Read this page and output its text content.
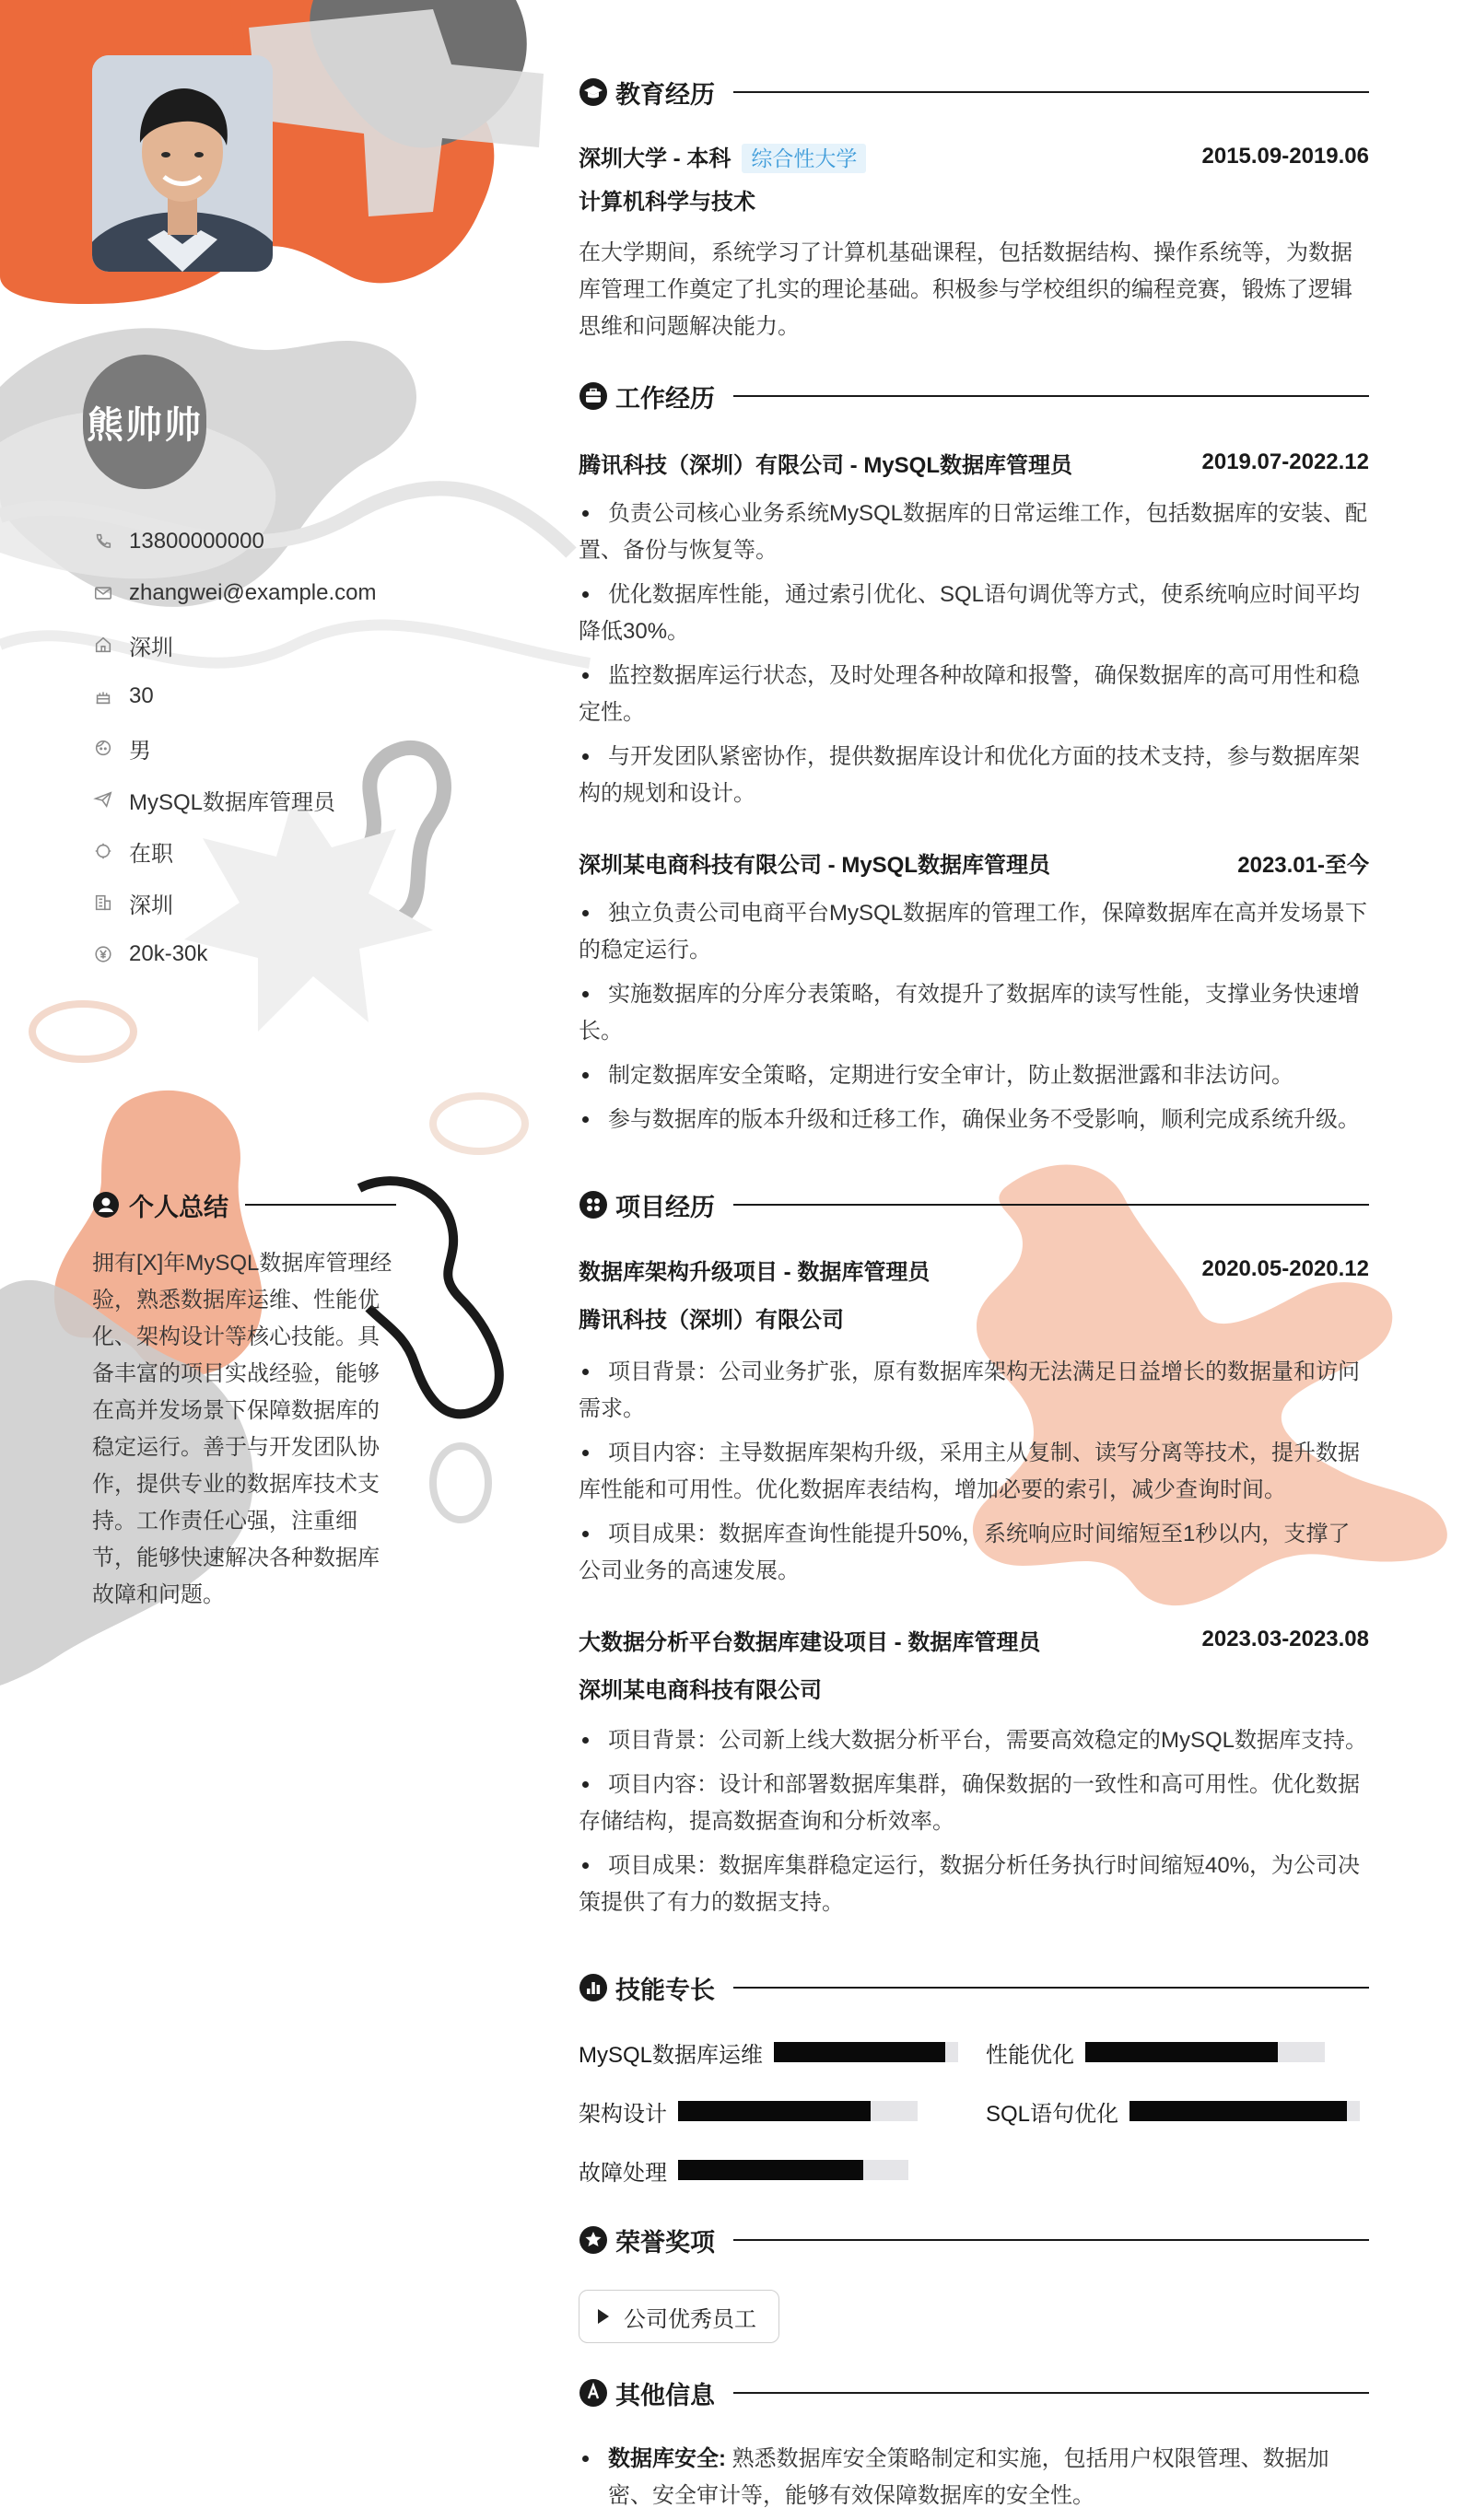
熊帅帅
13800000000
zhangwei@example.com
深圳
30
男
MySQL数据库管理员
在职
深圳
20k-30k
个人总结

拥有[X]年MySQL数据库管理经验，熟悉数据库运维、性能优化、架构设计等核心技能。具备丰富的项目实战经验，能够在高并发场景下保障数据库的稳定运行。善于与开发团队协作，提供专业的数据库技术支持。工作责任心强，注重细节，能够快速解决各种数据库故障和问题。

教育经历
深圳大学 - 本科 综合性大学	2015.09-2019.06
计算机科学与技术

在大学期间，系统学习了计算机基础课程，包括数据结构、操作系统等，为数据库管理工作奠定了扎实的理论基础。积极参与学校组织的编程竞赛，锻炼了逻辑思维和问题解决能力。

工作经历
腾讯科技（深圳）有限公司 - MySQL数据库管理员	2019.07-2022.12
负责公司核心业务系统MySQL数据库的日常运维工作，包括数据库的安装、配置、备份与恢复等。
优化数据库性能，通过索引优化、SQL语句调优等方式，使系统响应时间平均降低30%。
监控数据库运行状态，及时处理各种故障和报警，确保数据库的高可用性和稳定性。
与开发团队紧密协作，提供数据库设计和优化方面的技术支持，参与数据库架构的规划和设计。
深圳某电商科技有限公司 - MySQL数据库管理员	2023.01-至今
独立负责公司电商平台MySQL数据库的管理工作，保障数据库在高并发场景下的稳定运行。
实施数据库的分库分表策略，有效提升了数据库的读写性能，支撑业务快速增长。
制定数据库安全策略，定期进行安全审计，防止数据泄露和非法访问。
参与数据库的版本升级和迁移工作，确保业务不受影响，顺利完成系统升级。
项目经历
数据库架构升级项目 - 数据库管理员	2020.05-2020.12
腾讯科技（深圳）有限公司
项目背景：公司业务扩张，原有数据库架构无法满足日益增长的数据量和访问需求。
项目内容：主导数据库架构升级，采用主从复制、读写分离等技术，提升数据库性能和可用性。优化数据库表结构，增加必要的索引，减少查询时间。
项目成果：数据库查询性能提升50%，系统响应时间缩短至1秒以内，支撑了公司业务的高速发展。
大数据分析平台数据库建设项目 - 数据库管理员	2023.03-2023.08
深圳某电商科技有限公司
项目背景：公司新上线大数据分析平台，需要高效稳定的MySQL数据库支持。
项目内容：设计和部署数据库集群，确保数据的一致性和高可用性。优化数据存储结构，提高数据查询和分析效率。
项目成果：数据库集群稳定运行，数据分析任务执行时间缩短40%，为公司决策提供了有力的数据支持。
技能专长
MySQL数据库运维	性能优化
架构设计	SQL语句优化
故障处理
荣誉奖项
公司优秀员工
其他信息
数据库安全: 熟悉数据库安全策略制定和实施，包括用户权限管理、数据加密、安全审计等，能够有效保障数据库的安全性。
